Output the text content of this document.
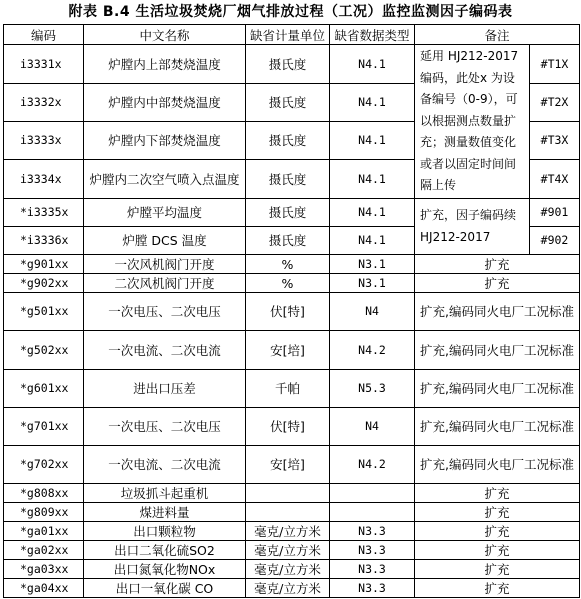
附表 B.4 生活垃圾焚烧厂烟气排放过程（工况）监控监测因子编码表
编码	中文名称	缺省计量单位	缺省数据类型	备注	
i3331x	炉膛内上部焚烧温度	摄氏度	N4.1	延用 HJ212-2017 编码，此处x 为设备编号（0-9），可以根据测点数量扩充；测量数值变化或者以固定时间间隔上传	#T1X
i3332x	炉膛内中部焚烧温度	摄氏度	N4.1		#T2X
i3333x	炉膛内下部焚烧温度	摄氏度	N4.1		#T3X
i3334x	炉膛内二次空气喷入点温度	摄氏度	N4.1		#T4X
*i3335x	炉膛平均温度	摄氏度	N4.1	扩充，因子编码续 HJ212-2017	#901
*i3336x	炉膛 DCS 温度	摄氏度	N4.1		#902
*g901xx	一次风机阀门开度	%	N3.1	扩充	
*g902xx	二次风机阀门开度	%	N3.1	扩充	
*g501xx	一次电压、二次电压	伏[特]	N4	扩充,编码同火电厂工况标准	
*g502xx	一次电流、二次电流	安[培]	N4.2	扩充,编码同火电厂工况标准	
*g601xx	进出口压差	千帕	N5.3	扩充,编码同火电厂工况标准	
*g701xx	一次电压、二次电压	伏[特]	N4	扩充,编码同火电厂工况标准	
*g702xx	一次电流、二次电流	安[培]	N4.2	扩充,编码同火电厂工况标准	
*g808xx	垃圾抓斗起重机			扩充	
*g809xx	煤进料量			扩充	
*ga01xx	出口颗粒物	毫克/立方米	N3.3	扩充	
*ga02xx	出口二氧化硫SO2	毫克/立方米	N3.3	扩充	
*ga03xx	出口氮氧化物NOx	毫克/立方米	N3.3	扩充	
*ga04xx	出口一氧化碳 CO	毫克/立方米	N3.3	扩充	
